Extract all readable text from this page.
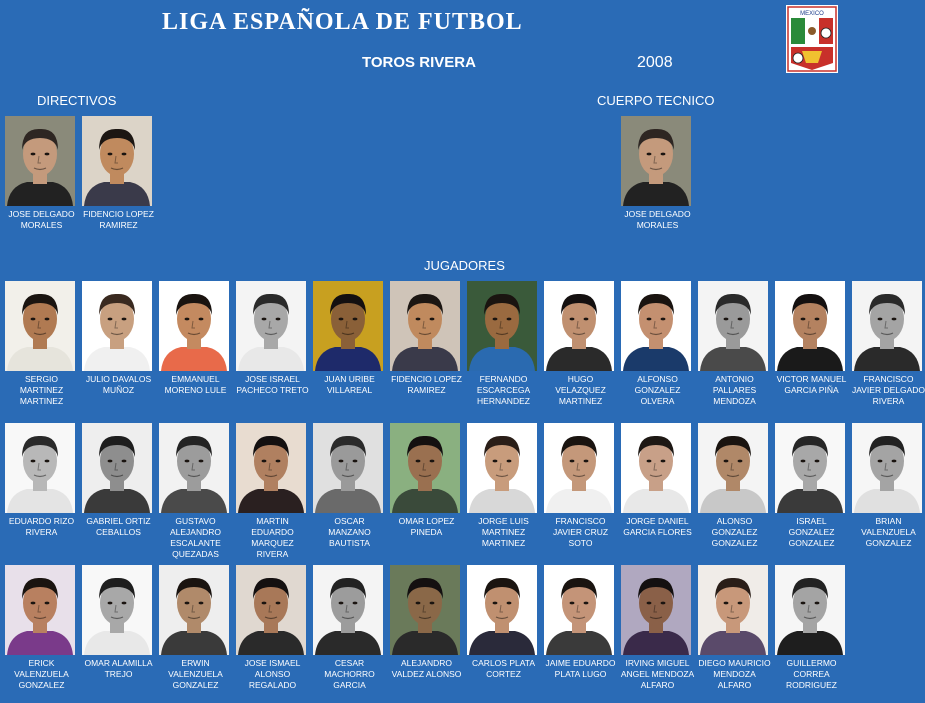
LIGA ESPAÑOLA DE FUTBOL
TOROS RIVERA	2008
MEXICO
DIRECTIVOS	CUERPO TECNICO
JUGADORES
JOSE DELGADO MORALES
FIDENCIO LOPEZ RAMIREZ
JOSE DELGADO MORALES
SERGIO MARTINEZ MARTINEZ
JULIO DAVALOS MUÑOZ
EMMANUEL MORENO LULE
JOSE ISRAEL PACHECO TRETO
JUAN URIBE VILLAREAL
FIDENCIO LOPEZ RAMIREZ
FERNANDO ESCARCEGA HERNANDEZ
HUGO VELAZQUEZ MARTINEZ
ALFONSO GONZALEZ OLVERA
ANTONIO PALLARES MENDOZA
VICTOR MANUEL GARCIA PIÑA
FRANCISCO JAVIER DELGADO RIVERA
EDUARDO RIZO RIVERA
GABRIEL ORTIZ CEBALLOS
GUSTAVO ALEJANDRO ESCALANTE QUEZADAS
MARTIN EDUARDO MARQUEZ RIVERA
OSCAR MANZANO BAUTISTA
OMAR LOPEZ PINEDA
JORGE LUIS MARTINEZ MARTINEZ
FRANCISCO JAVIER CRUZ SOTO
JORGE DANIEL GARCIA FLORES
ALONSO GONZALEZ GONZALEZ
ISRAEL GONZALEZ GONZALEZ
BRIAN VALENZUELA GONZALEZ
ERICK VALENZUELA GONZALEZ
OMAR ALAMILLA TREJO
ERWIN VALENZUELA GONZALEZ
JOSE ISMAEL ALONSO REGALADO
CESAR MACHORRO GARCIA
ALEJANDRO VALDEZ ALONSO
CARLOS PLATA CORTEZ
JAIME EDUARDO PLATA LUGO
IRVING MIGUEL ANGEL MENDOZA ALFARO
DIEGO MAURICIO MENDOZA ALFARO
GUILLERMO CORREA RODRIGUEZ
